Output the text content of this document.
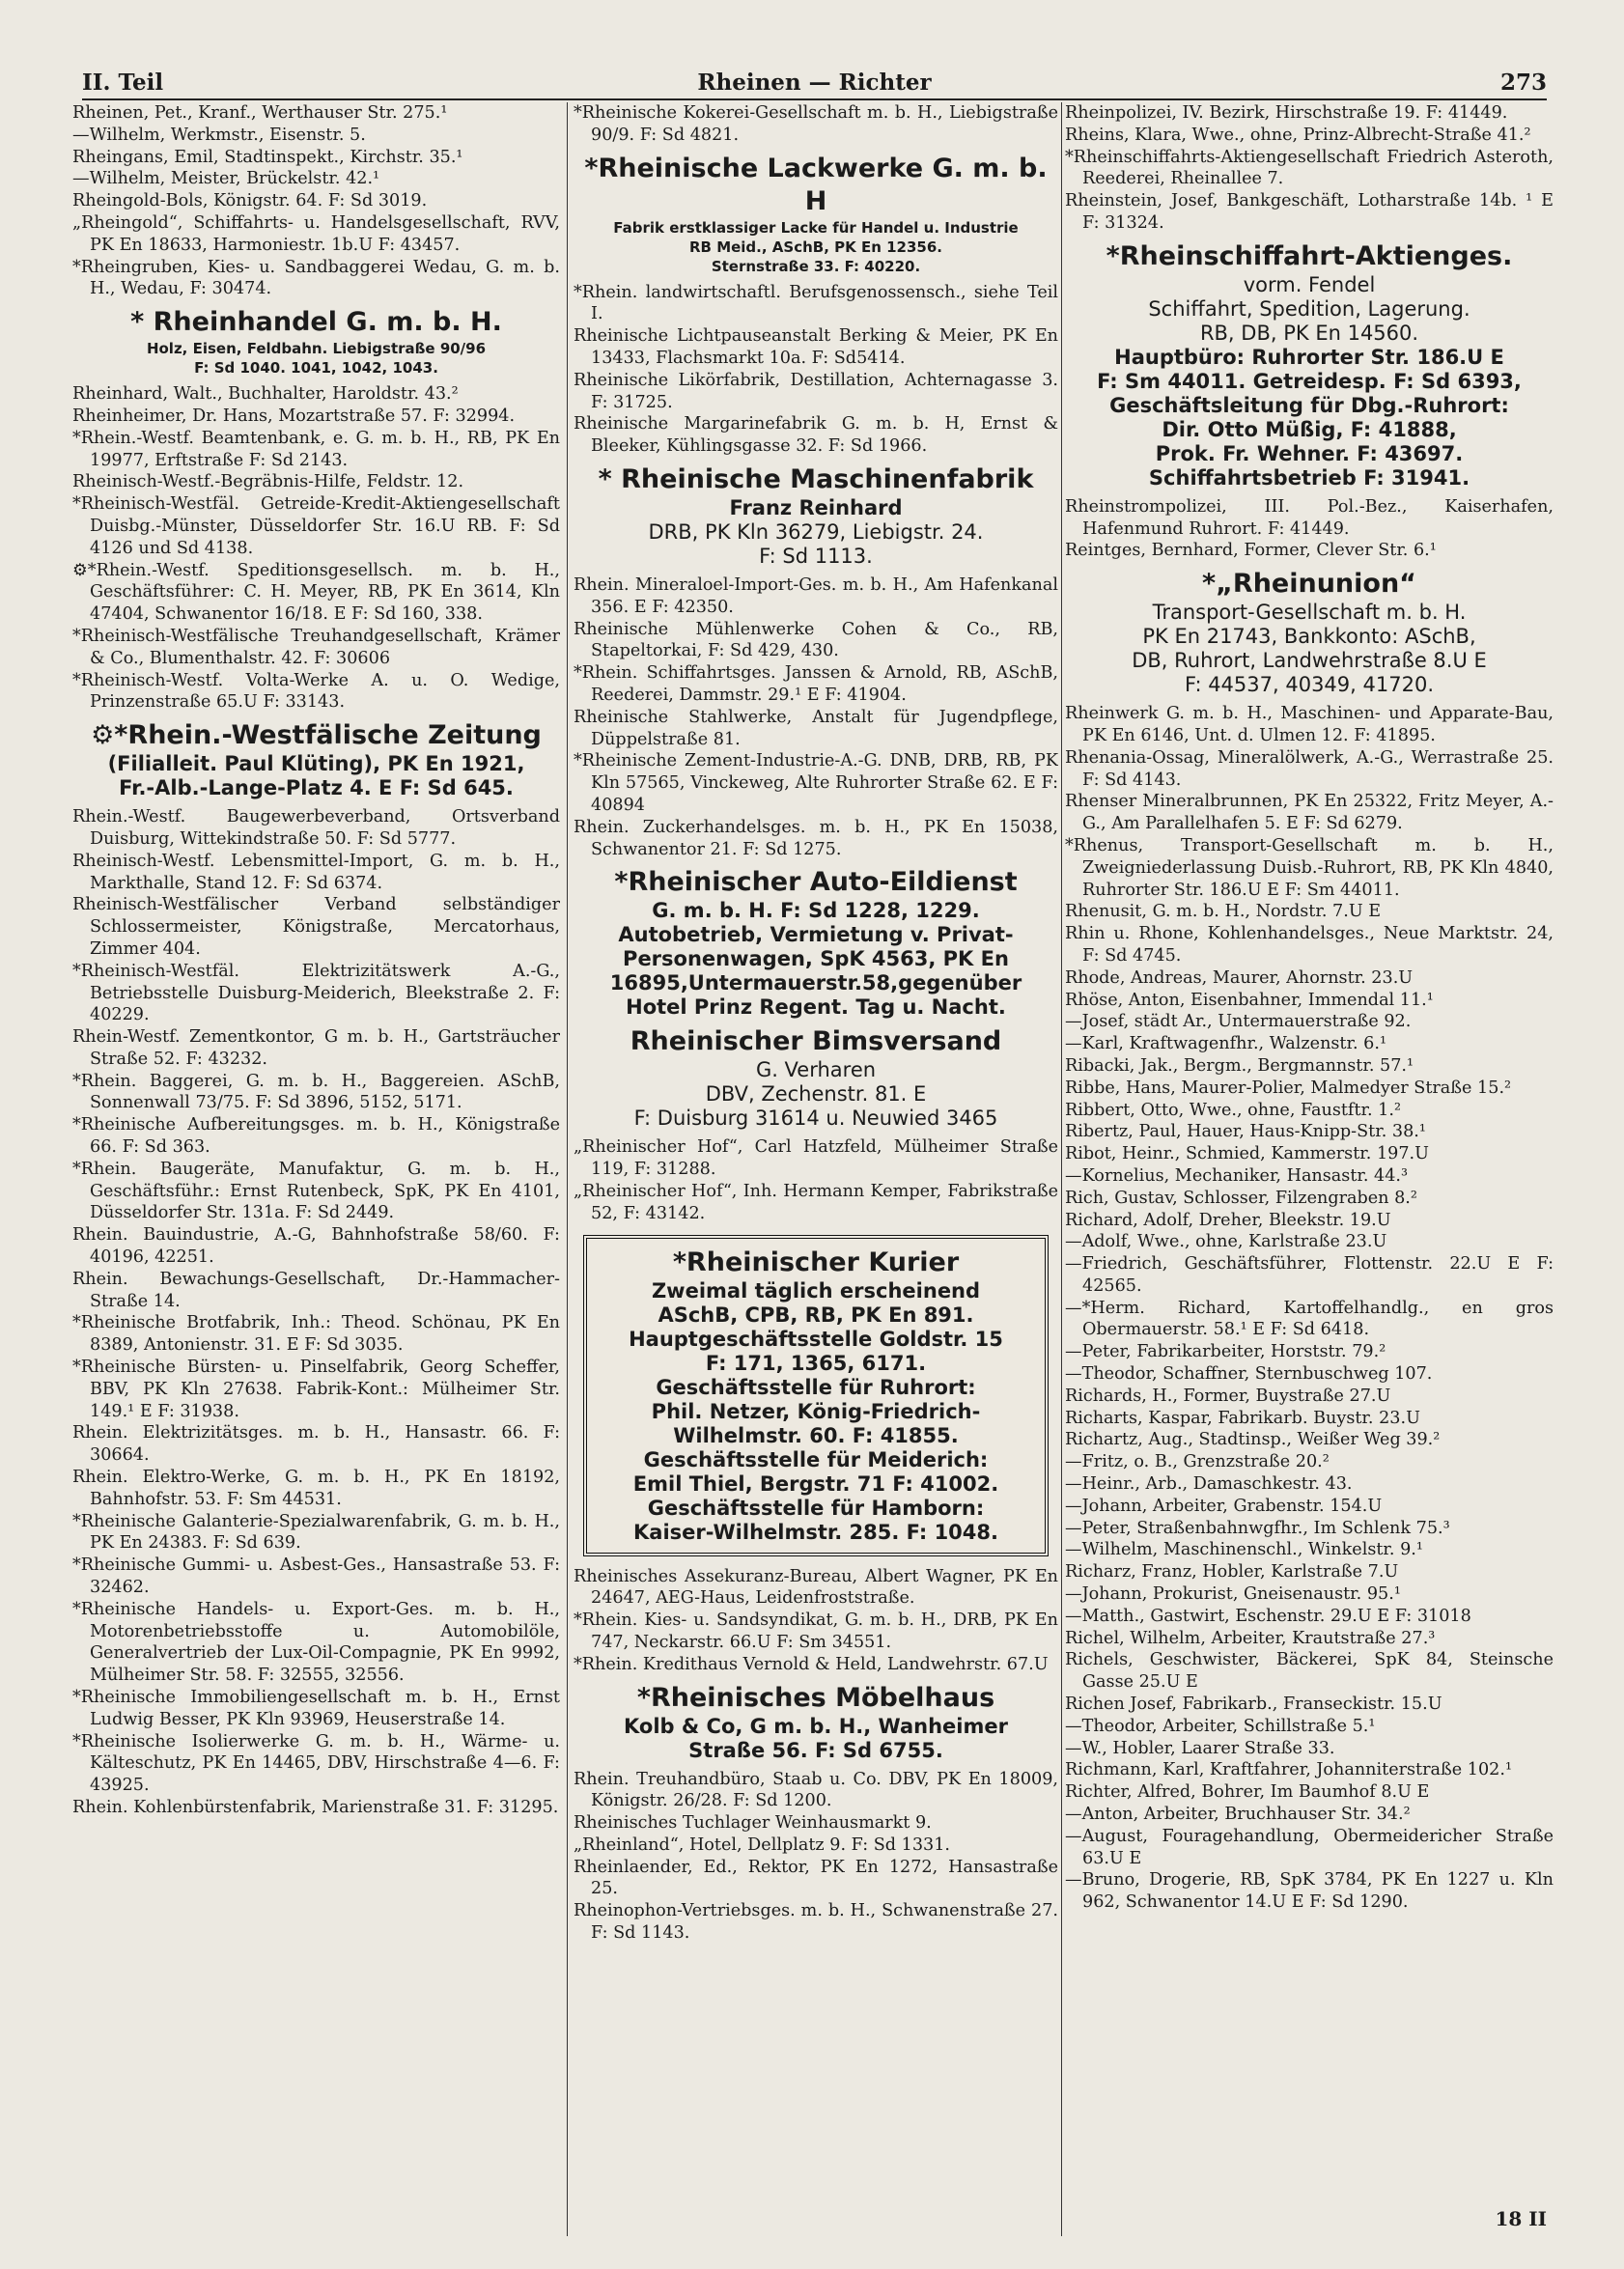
II. Teil	Rheinen — Richter	273

Rheinen, Pet., Kranf., Werthauser Str. 275.¹

—Wilhelm, Werkmstr., Eisenstr. 5.

Rheingans, Emil, Stadtinspekt., Kirchstr. 35.¹

—Wilhelm, Meister, Brückelstr. 42.¹

Rheingold-Bols, Königstr. 64. F: Sd 3019.

„Rheingold“, Schiffahrts- u. Handelsgesellschaft, RVV, PK En 18633, Harmoniestr. 1b.U F: 43457.

*Rheingruben, Kies- u. Sandbaggerei Wedau, G. m. b. H., Wedau, F: 30474.

* Rheinhandel G. m. b. H.
Holz, Eisen, Feldbahn. Liebigstraße 90/96
F: Sd 1040. 1041, 1042, 1043.

Rheinhard, Walt., Buchhalter, Haroldstr. 43.²

Rheinheimer, Dr. Hans, Mozartstraße 57. F: 32994.

*Rhein.-Westf. Beamtenbank, e. G. m. b. H., RB, PK En 19977, Erftstraße F: Sd 2143.

Rheinisch-Westf.-Begräbnis-Hilfe, Feldstr. 12.

*Rheinisch-Westfäl. Getreide-Kredit-Aktiengesellschaft Duisbg.-Münster, Düsseldorfer Str. 16.U RB. F: Sd 4126 und Sd 4138.

⚙*Rhein.-Westf. Speditionsgesellsch. m. b. H., Geschäftsführer: C. H. Meyer, RB, PK En 3614, Kln 47404, Schwanentor 16/18. E F: Sd 160, 338.

*Rheinisch-Westfälische Treuhandgesellschaft, Krämer & Co., Blumenthalstr. 42. F: 30606

*Rheinisch-Westf. Volta-Werke A. u. O. Wedige, Prinzenstraße 65.U F: 33143.

⚙*Rhein.-Westfälische Zeitung
(Filialleit. Paul Klüting), PK En 1921,
Fr.-Alb.-Lange-Platz 4. E F: Sd 645.

Rhein.-Westf. Baugewerbeverband, Ortsverband Duisburg, Wittekindstraße 50. F: Sd 5777.

Rheinisch-Westf. Lebensmittel-Import, G. m. b. H., Markthalle, Stand 12. F: Sd 6374.

Rheinisch-Westfälischer Verband selbständiger Schlossermeister, Königstraße, Mercatorhaus, Zimmer 404.

*Rheinisch-Westfäl. Elektrizitätswerk A.-G., Betriebsstelle Duisburg-Meiderich, Bleekstraße 2. F: 40229.

Rhein-Westf. Zementkontor, G m. b. H., Gartsträucher Straße 52. F: 43232.

*Rhein. Baggerei, G. m. b. H., Baggereien. ASchB, Sonnenwall 73/75. F: Sd 3896, 5152, 5171.

*Rheinische Aufbereitungsges. m. b. H., Königstraße 66. F: Sd 363.

*Rhein. Baugeräte, Manufaktur, G. m. b. H., Geschäftsführ.: Ernst Rutenbeck, SpK, PK En 4101, Düsseldorfer Str. 131a. F: Sd 2449.

Rhein. Bauindustrie, A.-G, Bahnhofstraße 58/60. F: 40196, 42251.

Rhein. Bewachungs-Gesellschaft, Dr.-Hammacher-Straße 14.

*Rheinische Brotfabrik, Inh.: Theod. Schönau, PK En 8389, Antonienstr. 31. E F: Sd 3035.

*Rheinische Bürsten- u. Pinselfabrik, Georg Scheffer, BBV, PK Kln 27638. Fabrik-Kont.: Mülheimer Str. 149.¹ E F: 31938.

Rhein. Elektrizitätsges. m. b. H., Hansastr. 66. F: 30664.

Rhein. Elektro-Werke, G. m. b. H., PK En 18192, Bahnhofstr. 53. F: Sm 44531.

*Rheinische Galanterie-Spezialwarenfabrik, G. m. b. H., PK En 24383. F: Sd 639.

*Rheinische Gummi- u. Asbest-Ges., Hansastraße 53. F: 32462.

*Rheinische Handels- u. Export-Ges. m. b. H., Motorenbetriebsstoffe u. Automobilöle, Generalvertrieb der Lux-Oil-Compagnie, PK En 9992, Mülheimer Str. 58. F: 32555, 32556.

*Rheinische Immobiliengesellschaft m. b. H., Ernst Ludwig Besser, PK Kln 93969, Heuserstraße 14.

*Rheinische Isolierwerke G. m. b. H., Wärme- u. Kälteschutz, PK En 14465, DBV, Hirschstraße 4—6. F: 43925.

Rhein. Kohlenbürstenfabrik, Marienstraße 31. F: 31295.

*Rheinische Kokerei-Gesellschaft m. b. H., Liebigstraße 90/9. F: Sd 4821.

*Rheinische Lackwerke G. m. b. H
Fabrik erstklassiger Lacke für Handel u. Industrie
RB Meid., ASchB, PK En 12356.
Sternstraße 33. F: 40220.

*Rhein. landwirtschaftl. Berufsgenossensch., siehe Teil I.

Rheinische Lichtpauseanstalt Berking & Meier, PK En 13433, Flachsmarkt 10a. F: Sd5414.

Rheinische Likörfabrik, Destillation, Achternagasse 3. F: 31725.

Rheinische Margarinefabrik G. m. b. H, Ernst & Bleeker, Kühlingsgasse 32. F: Sd 1966.

* Rheinische Maschinenfabrik
Franz Reinhard
DRB, PK Kln 36279, Liebigstr. 24.
F: Sd 1113.

Rhein. Mineraloel-Import-Ges. m. b. H., Am Hafenkanal 356. E F: 42350.

Rheinische Mühlenwerke Cohen & Co., RB, Stapeltorkai, F: Sd 429, 430.

*Rhein. Schiffahrtsges. Janssen & Arnold, RB, ASchB, Reederei, Dammstr. 29.¹ E F: 41904.

Rheinische Stahlwerke, Anstalt für Jugendpflege, Düppelstraße 81.

*Rheinische Zement-Industrie-A.-G. DNB, DRB, RB, PK Kln 57565, Vinckeweg, Alte Ruhrorter Straße 62. E F: 40894

Rhein. Zuckerhandelsges. m. b. H., PK En 15038, Schwanentor 21. F: Sd 1275.

*Rheinischer Auto-Eildienst
G. m. b. H. F: Sd 1228, 1229.
Autobetrieb, Vermietung v. Privat-
Personenwagen, SpK 4563, PK En
16895,Untermauerstr.58,gegenüber
Hotel Prinz Regent. Tag u. Nacht.
Rheinischer Bimsversand
G. Verharen
DBV, Zechenstr. 81. E
F: Duisburg 31614 u. Neuwied 3465

„Rheinischer Hof“, Carl Hatzfeld, Mülheimer Straße 119, F: 31288.

„Rheinischer Hof“, Inh. Hermann Kemper, Fabrikstraße 52, F: 43142.

*Rheinischer Kurier
Zweimal täglich erscheinend
ASchB, CPB, RB, PK En 891.
Hauptgeschäftsstelle Goldstr. 15
F: 171, 1365, 6171.
Geschäftsstelle für Ruhrort:
Phil. Netzer, König-Friedrich-
Wilhelmstr. 60. F: 41855.
Geschäftsstelle für Meiderich:
Emil Thiel, Bergstr. 71 F: 41002.
Geschäftsstelle für Hamborn:
Kaiser-Wilhelmstr. 285. F: 1048.

Rheinisches Assekuranz-Bureau, Albert Wagner, PK En 24647, AEG-Haus, Leidenfroststraße.

*Rhein. Kies- u. Sandsyndikat, G. m. b. H., DRB, PK En 747, Neckarstr. 66.U F: Sm 34551.

*Rhein. Kredithaus Vernold & Held, Landwehrstr. 67.U

*Rheinisches Möbelhaus
Kolb & Co, G m. b. H., Wanheimer
Straße 56. F: Sd 6755.

Rhein. Treuhandbüro, Staab u. Co. DBV, PK En 18009, Königstr. 26/28. F: Sd 1200.

Rheinisches Tuchlager Weinhausmarkt 9.

„Rheinland“, Hotel, Dellplatz 9. F: Sd 1331.

Rheinlaender, Ed., Rektor, PK En 1272, Hansastraße 25.

Rheinophon-Vertriebsges. m. b. H., Schwanenstraße 27. F: Sd 1143.

Rheinpolizei, IV. Bezirk, Hirschstraße 19. F: 41449.

Rheins, Klara, Wwe., ohne, Prinz-Albrecht-Straße 41.²

*Rheinschiffahrts-Aktiengesellschaft Friedrich Asteroth, Reederei, Rheinallee 7.

Rheinstein, Josef, Bankgeschäft, Lotharstraße 14b. ¹ E F: 31324.

*Rheinschiffahrt-Aktienges.
vorm. Fendel
Schiffahrt, Spedition, Lagerung.
RB, DB, PK En 14560.
Hauptbüro: Ruhrorter Str. 186.U E
F: Sm 44011. Getreidesp. F: Sd 6393,
Geschäftsleitung für Dbg.-Ruhrort:
Dir. Otto Müßig, F: 41888,
Prok. Fr. Wehner. F: 43697.
Schiffahrtsbetrieb F: 31941.

Rheinstrompolizei, III. Pol.-Bez., Kaiserhafen, Hafenmund Ruhrort. F: 41449.

Reintges, Bernhard, Former, Clever Str. 6.¹

*„Rheinunion“
Transport-Gesellschaft m. b. H.
PK En 21743, Bankkonto: ASchB,
DB, Ruhrort, Landwehrstraße 8.U E
F: 44537, 40349, 41720.

Rheinwerk G. m. b. H., Maschinen- und Apparate-Bau, PK En 6146, Unt. d. Ulmen 12. F: 41895.

Rhenania-Ossag, Mineralölwerk, A.-G., Werrastraße 25. F: Sd 4143.

Rhenser Mineralbrunnen, PK En 25322, Fritz Meyer, A.-G., Am Parallelhafen 5. E F: Sd 6279.

*Rhenus, Transport-Gesellschaft m. b. H., Zweigniederlassung Duisb.-Ruhrort, RB, PK Kln 4840, Ruhrorter Str. 186.U E F: Sm 44011.

Rhenusit, G. m. b. H., Nordstr. 7.U E

Rhin u. Rhone, Kohlenhandelsges., Neue Marktstr. 24, F: Sd 4745.

Rhode, Andreas, Maurer, Ahornstr. 23.U

Rhöse, Anton, Eisenbahner, Immendal 11.¹

—Josef, städt Ar., Untermauerstraße 92.

—Karl, Kraftwagenfhr., Walzenstr. 6.¹

Ribacki, Jak., Bergm., Bergmannstr. 57.¹

Ribbe, Hans, Maurer-Polier, Malmedyer Straße 15.²

Ribbert, Otto, Wwe., ohne, Faustftr. 1.²

Ribertz, Paul, Hauer, Haus-Knipp-Str. 38.¹

Ribot, Heinr., Schmied, Kammerstr. 197.U

—Kornelius, Mechaniker, Hansastr. 44.³

Rich, Gustav, Schlosser, Filzengraben 8.²

Richard, Adolf, Dreher, Bleekstr. 19.U

—Adolf, Wwe., ohne, Karlstraße 23.U

—Friedrich, Geschäftsführer, Flottenstr. 22.U E F: 42565.

—*Herm. Richard, Kartoffelhandlg., en gros Obermauerstr. 58.¹ E F: Sd 6418.

—Peter, Fabrikarbeiter, Horststr. 79.²

—Theodor, Schaffner, Sternbuschweg 107.

Richards, H., Former, Buystraße 27.U

Richarts, Kaspar, Fabrikarb. Buystr. 23.U

Richartz, Aug., Stadtinsp., Weißer Weg 39.²

—Fritz, o. B., Grenzstraße 20.²

—Heinr., Arb., Damaschkestr. 43.

—Johann, Arbeiter, Grabenstr. 154.U

—Peter, Straßenbahnwgfhr., Im Schlenk 75.³

—Wilhelm, Maschinenschl., Winkelstr. 9.¹

Richarz, Franz, Hobler, Karlstraße 7.U

—Johann, Prokurist, Gneisenaustr. 95.¹

—Matth., Gastwirt, Eschenstr. 29.U E F: 31018

Richel, Wilhelm, Arbeiter, Krautstraße 27.³

Richels, Geschwister, Bäckerei, SpK 84, Steinsche Gasse 25.U E

Richen Josef, Fabrikarb., Franseckistr. 15.U

—Theodor, Arbeiter, Schillstraße 5.¹

—W., Hobler, Laarer Straße 33.

Richmann, Karl, Kraftfahrer, Johanniterstraße 102.¹

Richter, Alfred, Bohrer, Im Baumhof 8.U E

—Anton, Arbeiter, Bruchhauser Str. 34.²

—August, Fouragehandlung, Obermeidericher Straße 63.U E

—Bruno, Drogerie, RB, SpK 3784, PK En 1227 u. Kln 962, Schwanentor 14.U E F: Sd 1290.

18 II
